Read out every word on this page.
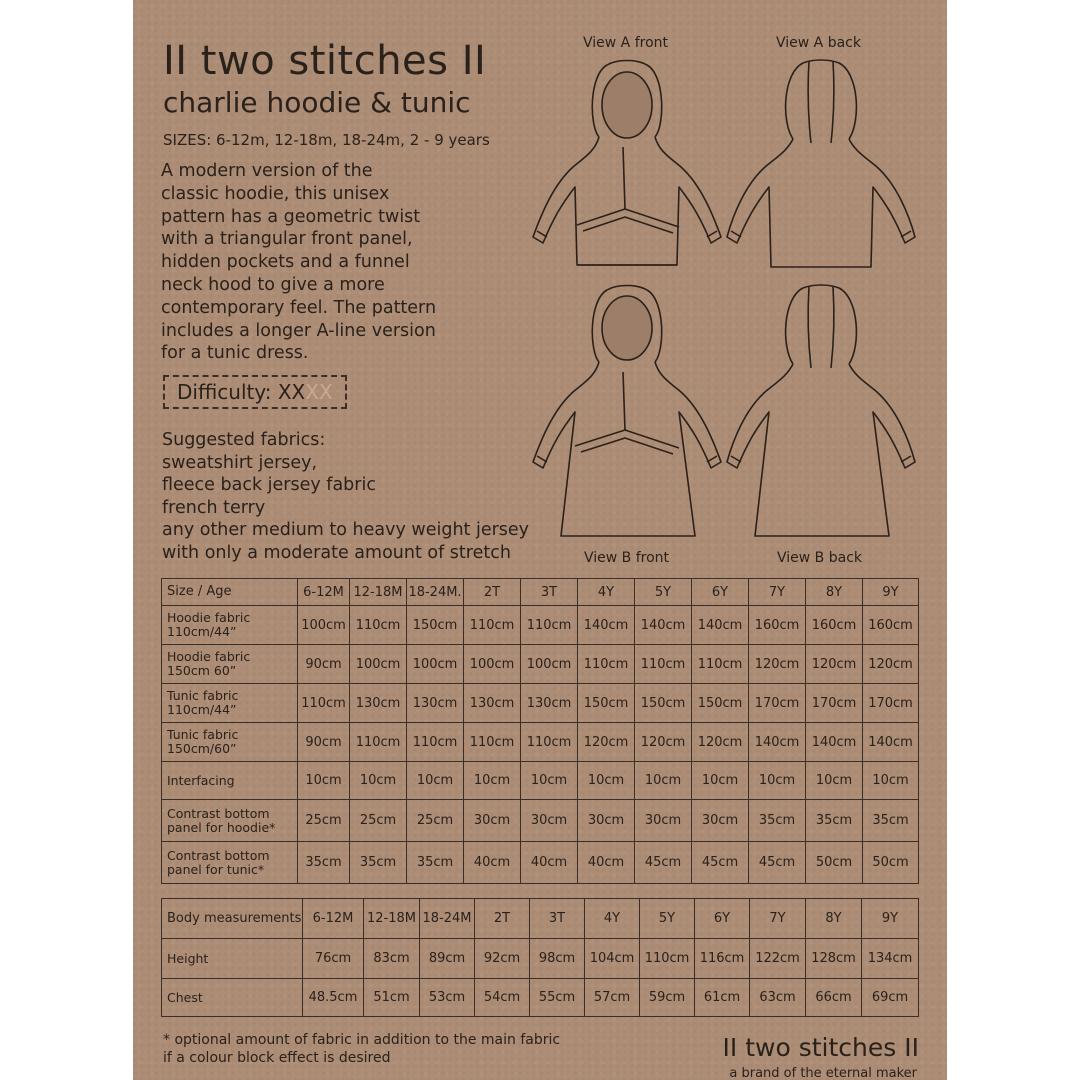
II two stitches II
charlie hoodie & tunic
SIZES: 6-12m, 12-18m, 18-24m, 2 - 9 years
A modern version of the
classic hoodie, this unisex
pattern has a geometric twist
with a triangular front panel,
hidden pockets and a funnel
neck hood to give a more
contemporary feel. The pattern
includes a longer A-line version
for a tunic dress.
Difficulty: XXXX
Suggested fabrics:
sweatshirt jersey,
fleece back jersey fabric
french terry
any other medium to heavy weight jersey
with only a moderate amount of stretch
View A front	View A back
View B front	View B back
Size / Age	6-12M	12-18M	18-24M.	2T	3T	4Y	5Y	6Y	7Y	8Y	9Y

Hoodie fabric
110cm/44”	100cm	110cm	150cm	110cm	110cm	140cm	140cm	140cm	160cm	160cm	160cm

Hoodie fabric
150cm 60”	90cm	100cm	100cm	100cm	100cm	110cm	110cm	110cm	120cm	120cm	120cm

Tunic fabric
110cm/44”	110cm	130cm	130cm	130cm	130cm	150cm	150cm	150cm	170cm	170cm	170cm

Tunic fabric
150cm/60”	90cm	110cm	110cm	110cm	110cm	120cm	120cm	120cm	140cm	140cm	140cm

Interfacing	10cm	10cm	10cm	10cm	10cm	10cm	10cm	10cm	10cm	10cm	10cm

Contrast bottom
panel for hoodie*	25cm	25cm	25cm	30cm	30cm	30cm	30cm	30cm	35cm	35cm	35cm

Contrast bottom
panel for tunic*	35cm	35cm	35cm	40cm	40cm	40cm	45cm	45cm	45cm	50cm	50cm
Body measurements	6-12M	12-18M	18-24M	2T	3T	4Y	5Y	6Y	7Y	8Y	9Y

Height	76cm	83cm	89cm	92cm	98cm	104cm	110cm	116cm	122cm	128cm	134cm

Chest	48.5cm	51cm	53cm	54cm	55cm	57cm	59cm	61cm	63cm	66cm	69cm
* optional amount of fabric in addition to the main fabric
if a colour block effect is desired	II two stitches II
a brand of the eternal maker
